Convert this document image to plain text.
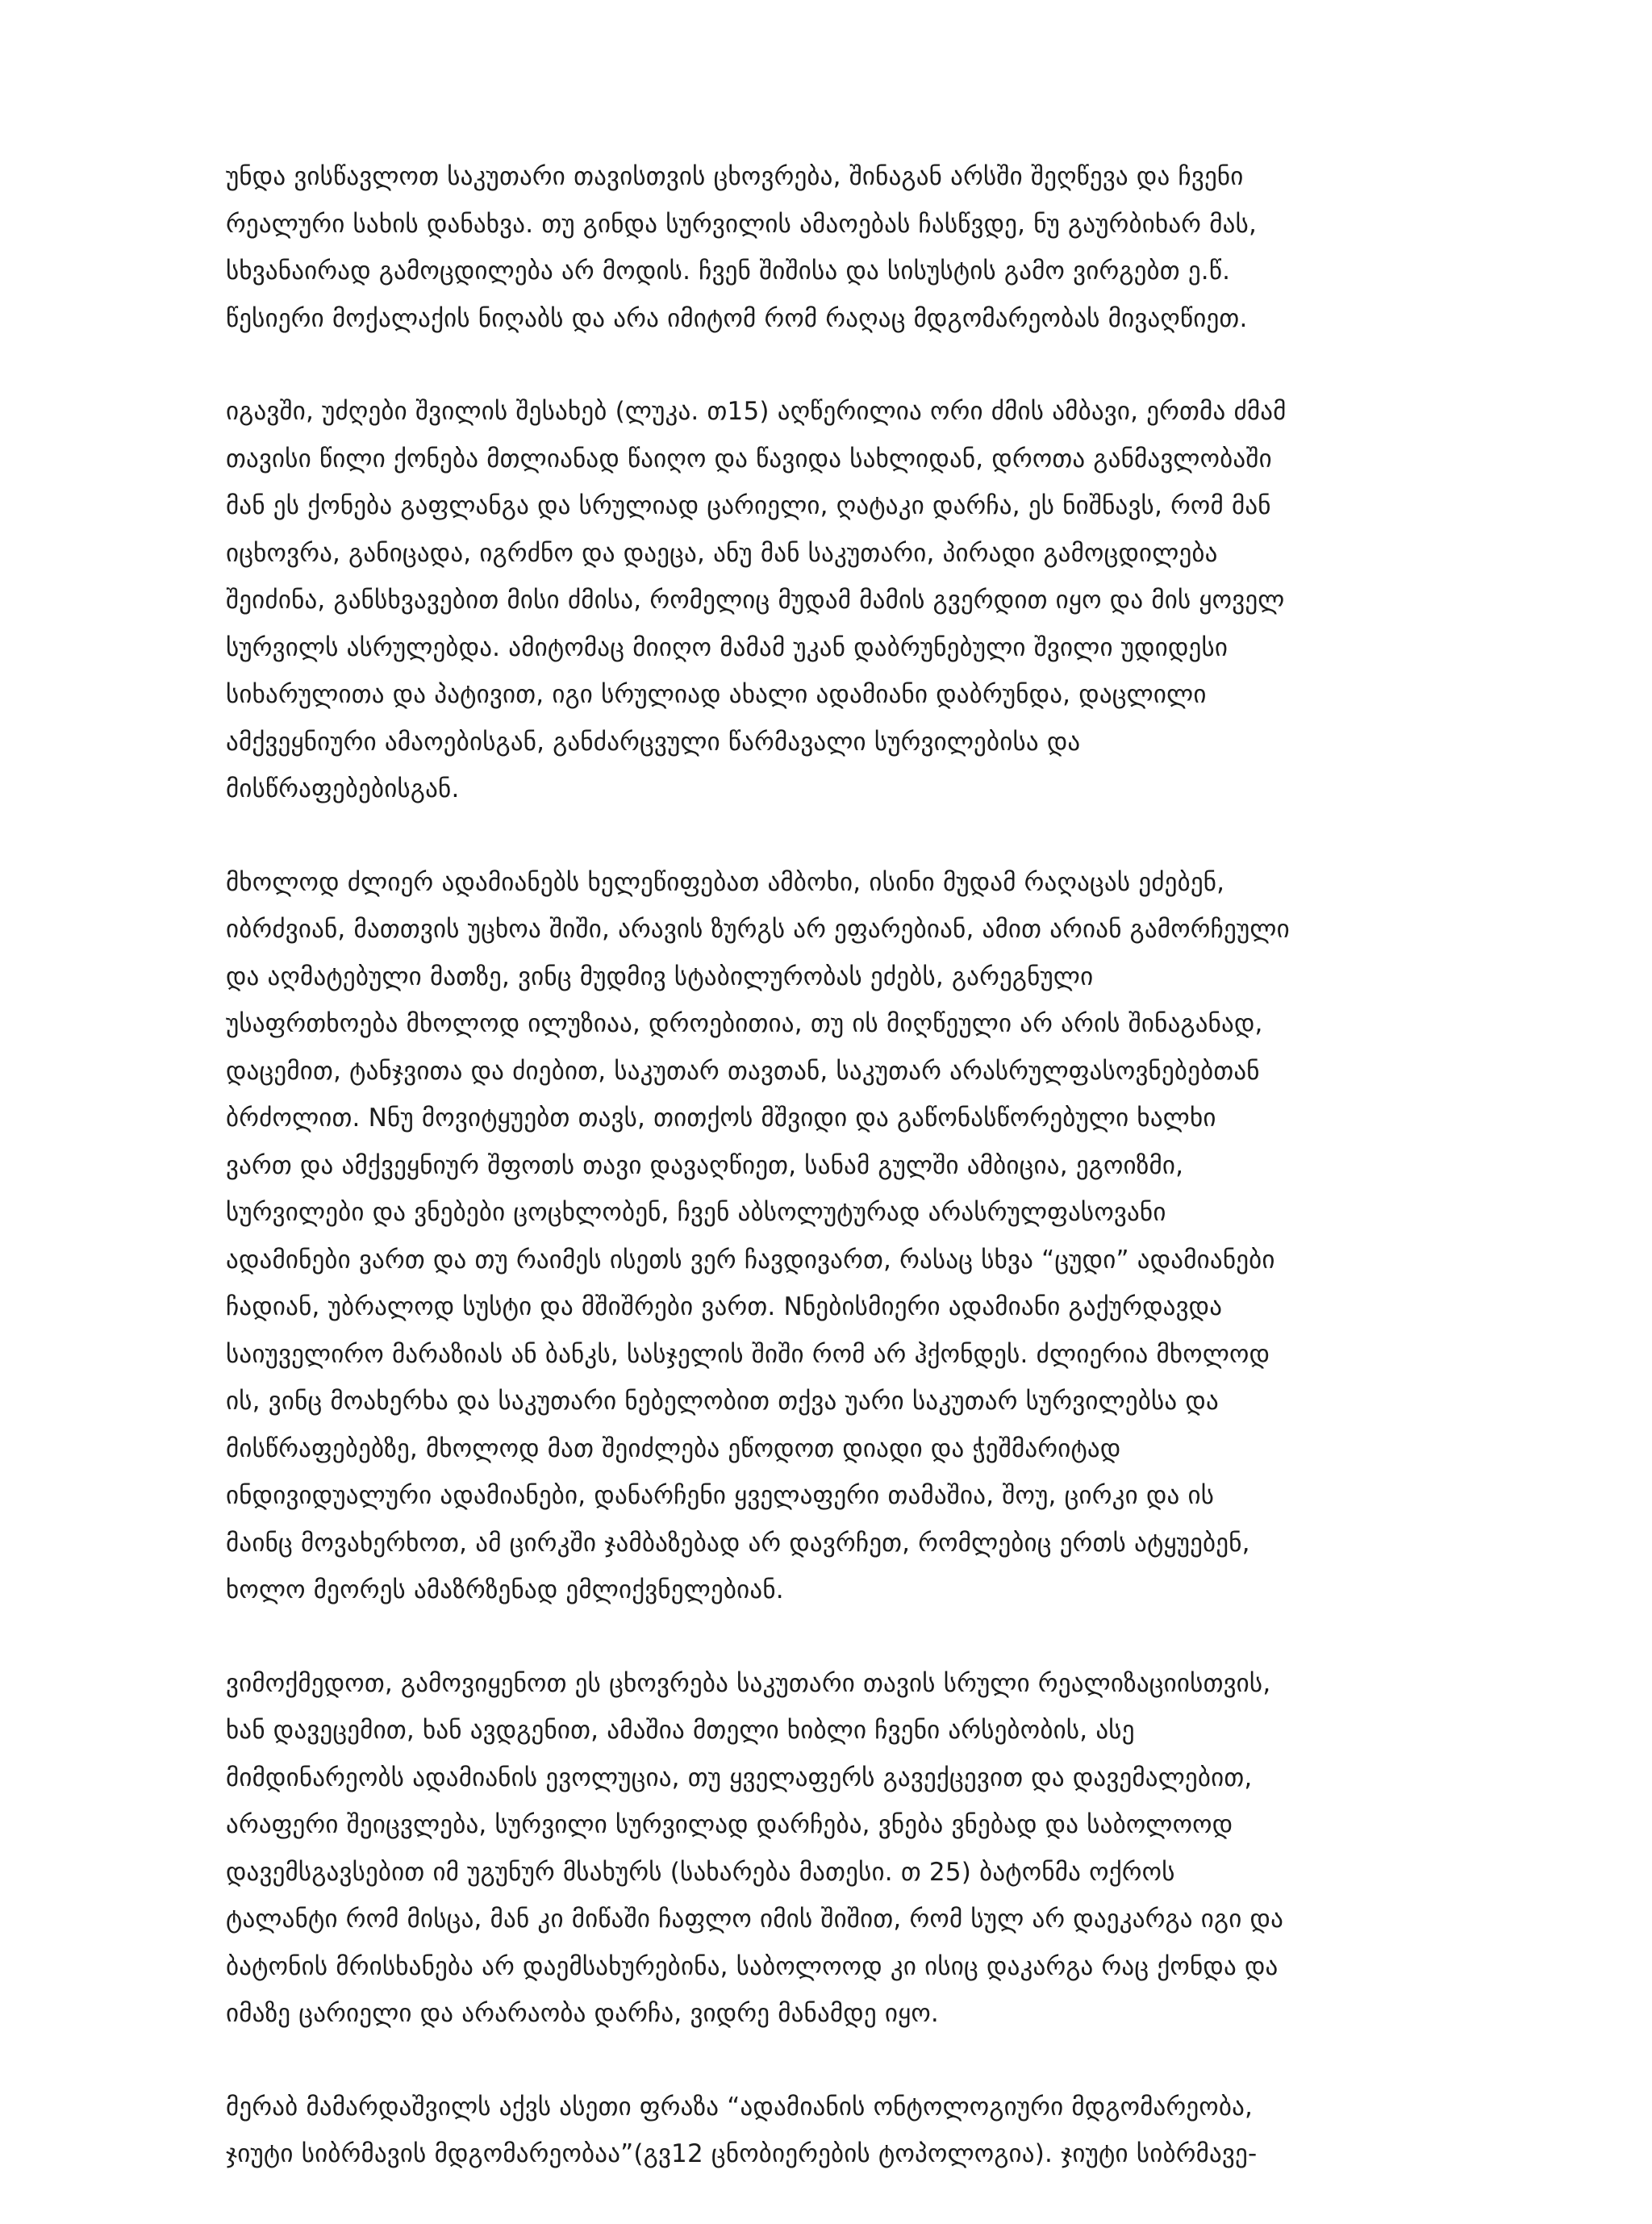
უნდა ვისწავლოთ საკუთარი თავისთვის ცხოვრება, შინაგან არსში შეღწევა და ჩვენი
რეალური სახის დანახვა. თუ გინდა სურვილის ამაოებას ჩასწვდე, ნუ გაურბიხარ მას,
სხვანაირად გამოცდილება არ მოდის. ჩვენ შიშისა და სისუსტის გამო ვირგებთ ე.წ.
წესიერი მოქალაქის ნიღაბს და არა იმიტომ რომ რაღაც მდგომარეობას მივაღწიეთ.

იგავში, უძღები შვილის შესახებ (ლუკა. თ15) აღწერილია ორი ძმის ამბავი, ერთმა ძმამ
თავისი წილი ქონება მთლიანად წაიღო და წავიდა სახლიდან, დროთა განმავლობაში
მან ეს ქონება გაფლანგა და სრულიად ცარიელი, ღატაკი დარჩა, ეს ნიშნავს, რომ მან
იცხოვრა, განიცადა, იგრძნო და დაეცა, ანუ მან საკუთარი, პირადი გამოცდილება
შეიძინა, განსხვავებით მისი ძმისა, რომელიც მუდამ მამის გვერდით იყო და მის ყოველ
სურვილს ასრულებდა. ამიტომაც მიიღო მამამ უკან დაბრუნებული შვილი უდიდესი
სიხარულითა და პატივით, იგი სრულიად ახალი ადამიანი დაბრუნდა, დაცლილი
ამქვეყნიური ამაოებისგან, განძარცვული წარმავალი სურვილებისა და
მისწრაფებებისგან.

მხოლოდ ძლიერ ადამიანებს ხელეწიფებათ ამბოხი, ისინი მუდამ რაღაცას ეძებენ,
იბრძვიან, მათთვის უცხოა შიში, არავის ზურგს არ ეფარებიან, ამით არიან გამორჩეული
და აღმატებული მათზე, ვინც მუდმივ სტაბილურობას ეძებს, გარეგნული
უსაფრთხოება მხოლოდ ილუზიაა, დროებითია, თუ ის მიღწეული არ არის შინაგანად,
დაცემით, ტანჯვითა და ძიებით, საკუთარ თავთან, საკუთარ არასრულფასოვნებებთან
ბრძოლით. Nნუ მოვიტყუებთ თავს, თითქოს მშვიდი და გაწონასწორებული ხალხი
ვართ და ამქვეყნიურ შფოთს თავი დავაღწიეთ, სანამ გულში ამბიცია, ეგოიზმი,
სურვილები და ვნებები ცოცხლობენ, ჩვენ აბსოლუტურად არასრულფასოვანი
ადამინები ვართ და თუ რაიმეს ისეთს ვერ ჩავდივართ, რასაც სხვა “ცუდი” ადამიანები
ჩადიან, უბრალოდ სუსტი და მშიშრები ვართ. Nნებისმიერი ადამიანი გაქურდავდა
საიუველირო მარაზიას ან ბანკს, სასჯელის შიში რომ არ ჰქონდეს. ძლიერია მხოლოდ
ის, ვინც მოახერხა და საკუთარი ნებელობით თქვა უარი საკუთარ სურვილებსა და
მისწრაფებებზე, მხოლოდ მათ შეიძლება ეწოდოთ დიადი და ჭეშმარიტად
ინდივიდუალური ადამიანები, დანარჩენი ყველაფერი თამაშია, შოუ, ცირკი და ის
მაინც მოვახერხოთ, ამ ცირკში ჯამბაზებად არ დავრჩეთ, რომლებიც ერთს ატყუებენ,
ხოლო მეორეს ამაზრზენად ემლიქვნელებიან.

ვიმოქმედოთ, გამოვიყენოთ ეს ცხოვრება საკუთარი თავის სრული რეალიზაციისთვის,
ხან დავეცემით, ხან ავდგენით, ამაშია მთელი ხიბლი ჩვენი არსებობის, ასე
მიმდინარეობს ადამიანის ევოლუცია, თუ ყველაფერს გავექცევით და დავემალებით,
არაფერი შეიცვლება, სურვილი სურვილად დარჩება, ვნება ვნებად და საბოლოოდ
დავემსგავსებით იმ უგუნურ მსახურს (სახარება მათესი. თ 25) ბატონმა ოქროს
ტალანტი რომ მისცა, მან კი მიწაში ჩაფლო იმის შიშით, რომ სულ არ დაეკარგა იგი და
ბატონის მრისხანება არ დაემსახურებინა, საბოლოოდ კი ისიც დაკარგა რაც ქონდა და
იმაზე ცარიელი და არარაობა დარჩა, ვიდრე მანამდე იყო.

მერაბ მამარდაშვილს აქვს ასეთი ფრაზა “ადამიანის ონტოლოგიური მდგომარეობა,
ჯიუტი სიბრმავის მდგომარეობაა”(გვ12 ცნობიერების ტოპოლოგია). ჯიუტი სიბრმავე-
